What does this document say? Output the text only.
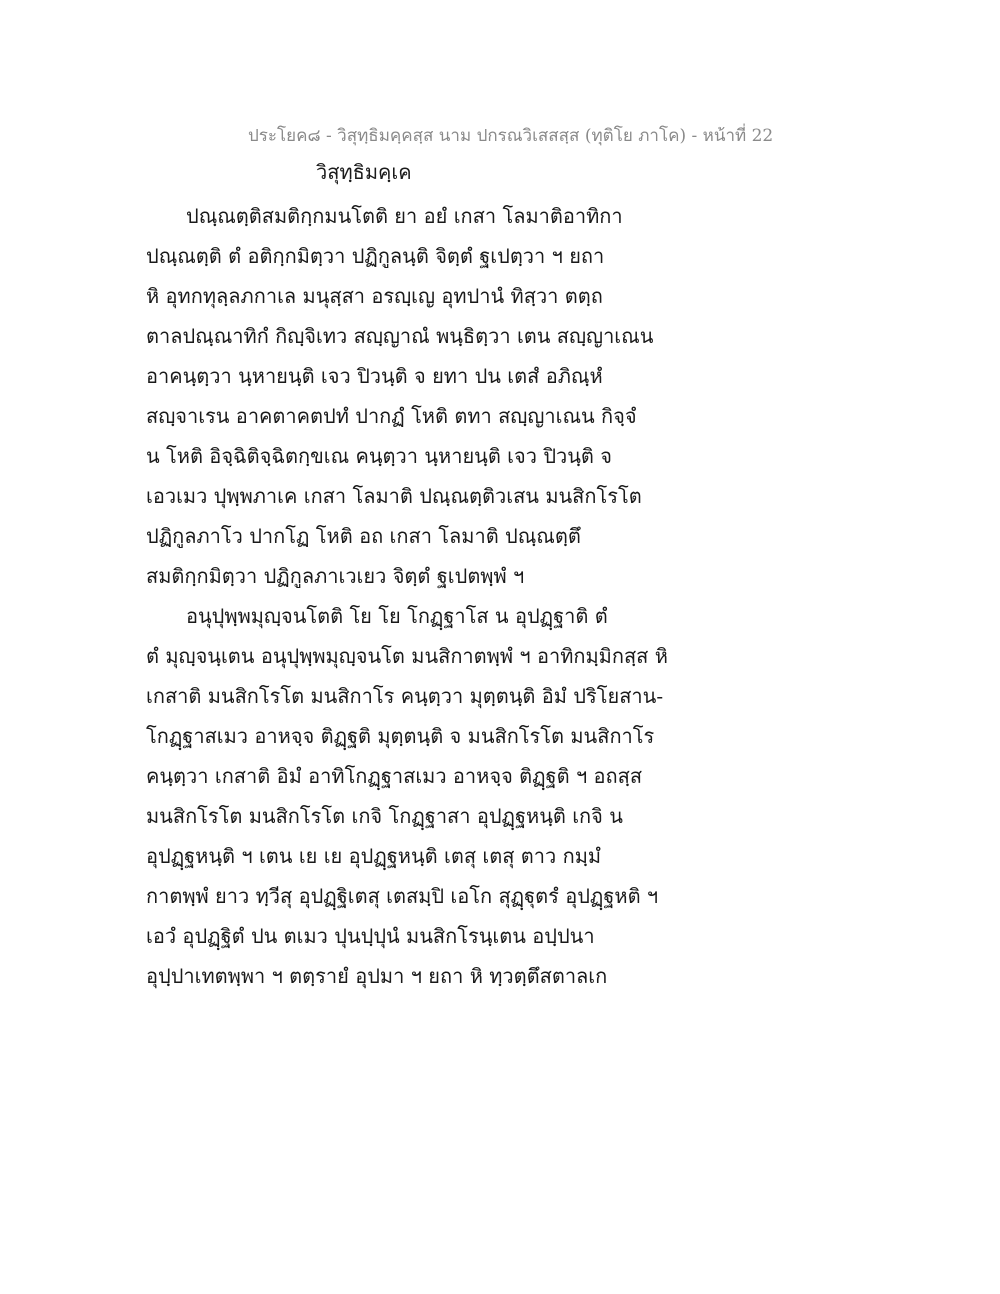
ประโยค๘ - วิสุทฺธิมคฺคสฺส นาม ปกรณวิเสสสฺส (ทุติโย ภาโค) - หน้าที่ 22
วิสุทฺธิมคฺเค
ปณฺณตฺติสมติกฺกมนโตติ ยา อยํ เกสา โลมาติอาทิกา
ปณฺณตฺติ ตํ อติกฺกมิตฺวา ปฏิกูลนฺติ จิตฺตํ ฐเปตฺวา ฯ ยถา
หิ อุทกทุลฺลภกาเล มนุสฺสา อรญฺเญ อุทปานํ ทิสฺวา ตตฺถ
ตาลปณฺณาทิกํ กิญฺจิเทว สญฺญาณํ พนฺธิตฺวา เตน สญฺญาเณน
อาคนฺตฺวา นฺหายนฺติ เจว ปิวนฺติ จ ยทา ปน เตสํ อภิณฺหํ
สญฺจาเรน อาคตาคตปทํ ปากฏํ โหติ ตทา สญฺญาเณน กิจฺจํ
น โหติ อิจฺฉิติจฺฉิตกฺขเณ คนฺตฺวา นฺหายนฺติ เจว ปิวนฺติ จ
เอวเมว ปุพฺพภาเค เกสา โลมาติ ปณฺณตฺติวเสน มนสิกโรโต
ปฏิกูลภาโว ปากโฏ โหติ อถ เกสา โลมาติ ปณฺณตฺตึ
สมติกฺกมิตฺวา ปฏิกูลภาเวเยว จิตฺตํ ฐเปตพฺพํ ฯ
อนุปุพฺพมุญฺจนโตติ โย โย โกฏฺฐาโส น อุปฏฺฐาติ ตํ
ตํ มุญฺจนฺเตน อนุปุพฺพมุญฺจนโต มนสิกาตพฺพํ ฯ อาทิกมฺมิกสฺส หิ
เกสาติ มนสิกโรโต มนสิกาโร คนฺตฺวา มุตฺตนฺติ อิมํ ปริโยสาน-
โกฏฺฐาสเมว อาหจฺจ ติฏฺฐติ มุตฺตนฺติ จ มนสิกโรโต มนสิกาโร
คนฺตฺวา เกสาติ อิมํ อาทิโกฏฺฐาสเมว อาหจฺจ ติฏฺฐติ ฯ อถสฺส
มนสิกโรโต มนสิกโรโต เกจิ โกฏฺฐาสา อุปฏฺฐหนฺติ เกจิ น
อุปฏฺฐหนฺติ ฯ เตน เย เย อุปฏฺฐหนฺติ เตสุ เตสุ ตาว กมฺมํ
กาตพฺพํ ยาว ทฺวีสุ อุปฏฺฐิเตสุ เตสมฺปิ เอโก สุฏฺฐุตรํ อุปฏฺฐหติ ฯ
เอวํ อุปฏฺฐิตํ ปน ตเมว ปุนปฺปุนํ มนสิกโรนฺเตน อปฺปนา
อุปฺปาเทตพฺพา ฯ ตตฺรายํ อุปมา ฯ ยถา หิ ทฺวตฺตึสตาลเก
